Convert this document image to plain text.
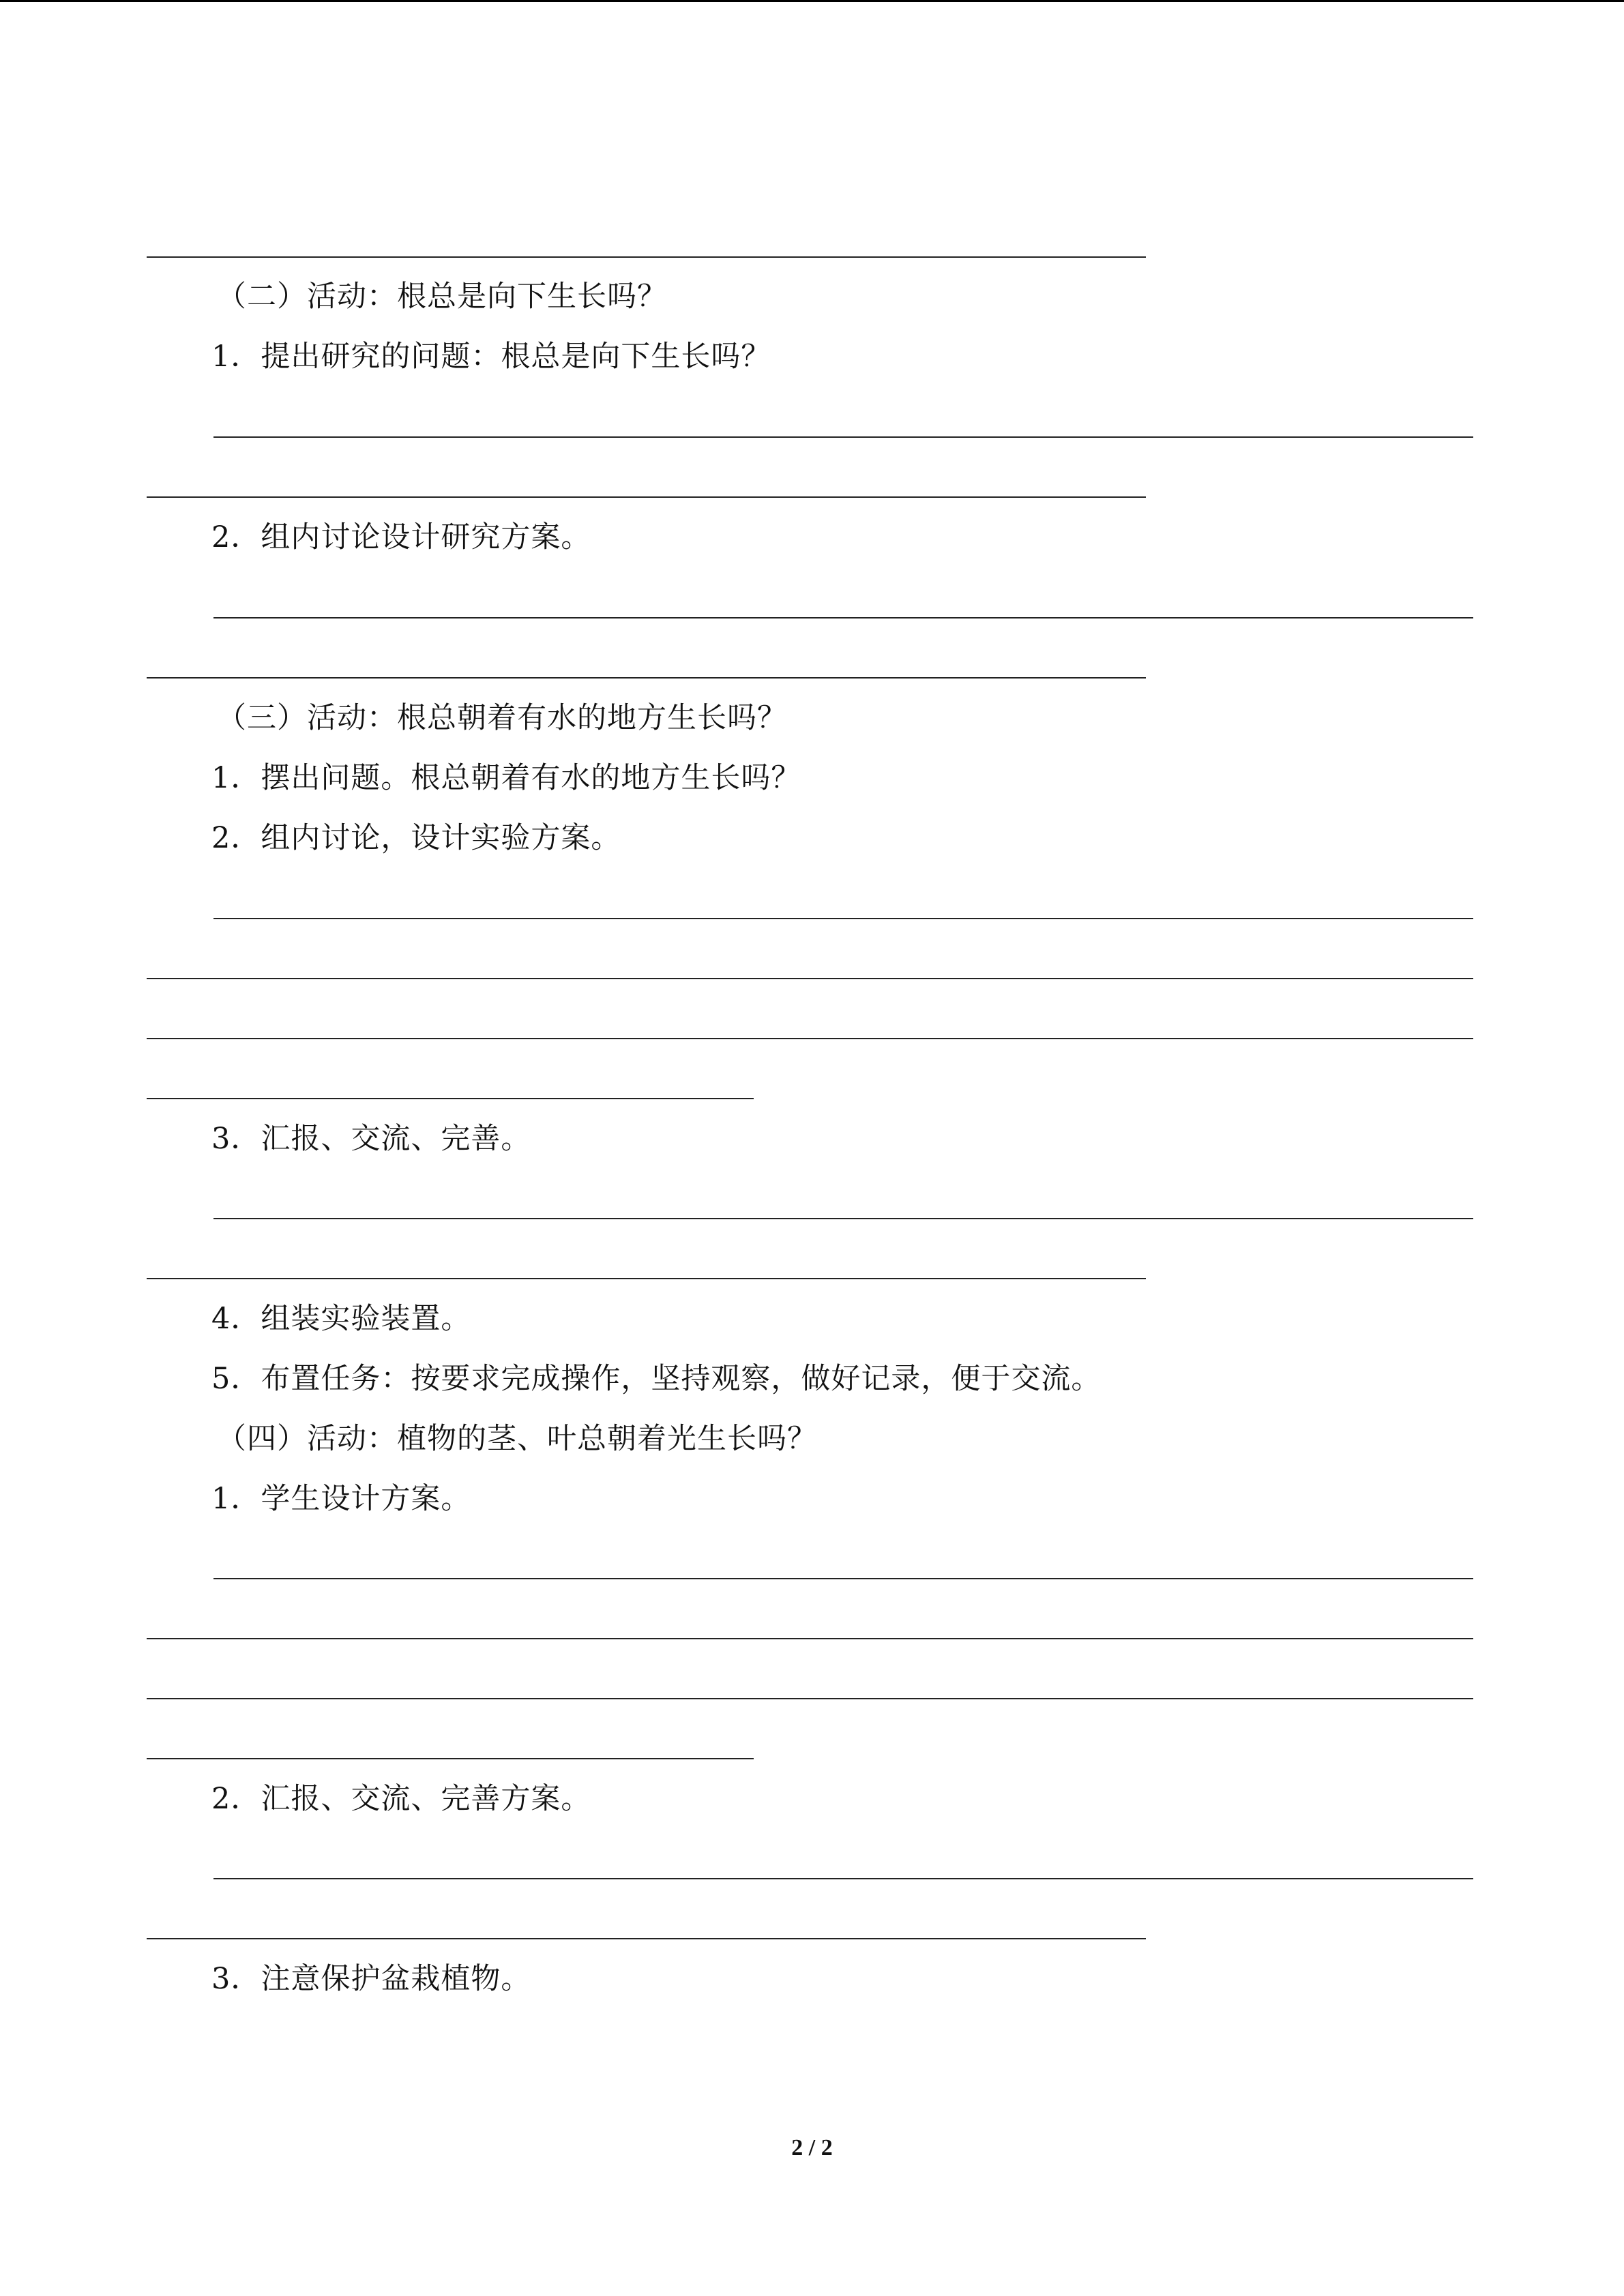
（二）活动：根总是向下生长吗？
1．提出研究的问题：根总是向下生长吗？
2．组内讨论设计研究方案。
（三）活动：根总朝着有水的地方生长吗？
1．摆出问题。根总朝着有水的地方生长吗？
2．组内讨论，设计实验方案。
3．汇报、交流、完善。
4．组装实验装置。
5．布置任务：按要求完成操作，坚持观察，做好记录，便于交流。
（四）活动：植物的茎、叶总朝着光生长吗？
1．学生设计方案。
2．汇报、交流、完善方案。
3．注意保护盆栽植物。
2 / 2
